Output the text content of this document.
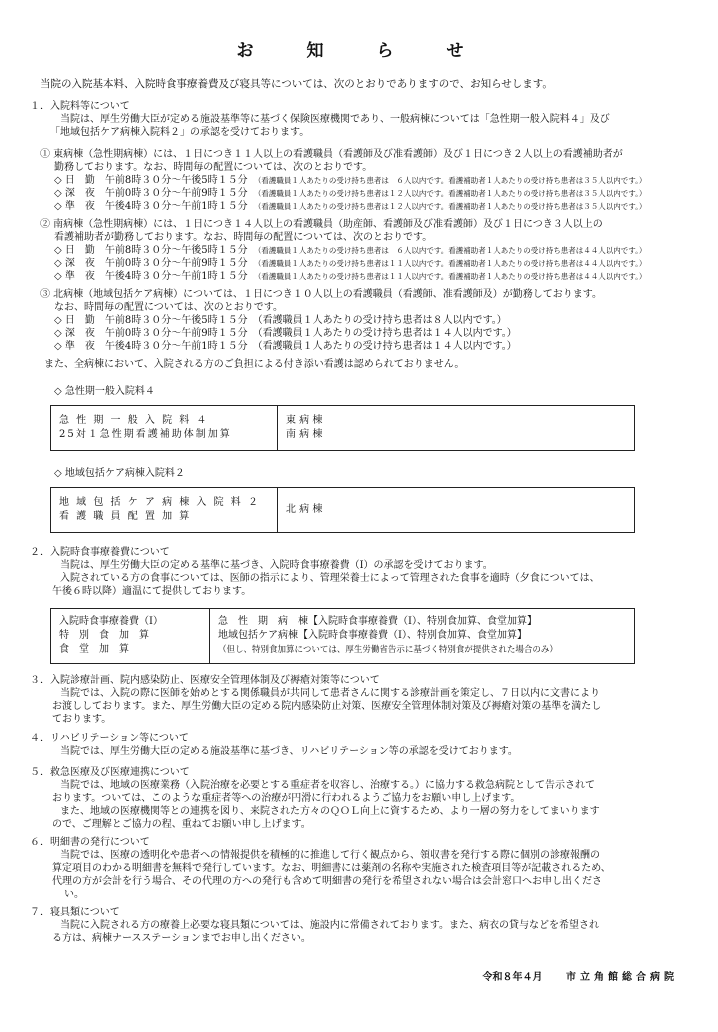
お　知　ら　せ
当院の入院基本料、入院時食事療養費及び寝具等については、次のとおりでありますので、お知らせします。

１．入院料等について

当院は、厚生労働大臣が定める施設基準等に基づく保険医療機関であり、一般病棟については「急性期一般入院料４」及び

「地域包括ケア病棟入院料２」の承認を受けております。

① 東病棟（急性期病棟）には、１日につき１１人以上の看護職員（看護師及び准看護師）及び１日につき２人以上の看護補助者が

勤務しております。なお、時間毎の配置については、次のとおりです。

◇ 日　勤　午前8時３０分～午後5時１５分　 （看護職員１人あたりの受け持ち患者は　６人以内です。看護補助者１人あたりの受け持ち患者は３５人以内です。）

◇ 深　夜　午前0時３０分～午前9時１５分　 （看護職員１人あたりの受け持ち患者は１２人以内です。看護補助者１人あたりの受け持ち患者は３５人以内です。）

◇ 準　夜　午後4時３０分～午前1時１５分　 （看護職員１人あたりの受け持ち患者は１２人以内です。看護補助者１人あたりの受け持ち患者は３５人以内です。）

② 南病棟（急性期病棟）には、１日につき１４人以上の看護職員（助産師、看護師及び准看護師）及び１日につき３人以上の

看護補助者が勤務しております。なお、時間毎の配置については、次のとおりです。

◇ 日　勤　午前8時３０分～午後5時１５分　 （看護職員１人あたりの受け持ち患者は　６人以内です。看護補助者１人あたりの受け持ち患者は４４人以内です。）

◇ 深　夜　午前0時３０分～午前9時１５分　 （看護職員１人あたりの受け持ち患者は１１人以内です。看護補助者１人あたりの受け持ち患者は４４人以内です。）

◇ 準　夜　午後4時３０分～午前1時１５分　 （看護職員１人あたりの受け持ち患者は１１人以内です。看護補助者１人あたりの受け持ち患者は４４人以内です。）

③ 北病棟（地域包括ケア病棟）については、１日につき１０人以上の看護職員（看護師、准看護師及）が勤務しております。

なお、時間毎の配置については、次のとおりです。

◇ 日　勤　午前8時３０分～午後5時１５分　 （看護職員１人あたりの受け持ち患者は８人以内です。）

◇ 深　夜　午前0時３０分～午前9時１５分　 （看護職員１人あたりの受け持ち患者は１４人以内です。）

◇ 準　夜　午後4時３０分～午前1時１５分　 （看護職員１人あたりの受け持ち患者は１４人以内です。）

また、全病棟において、入院される方のご負担による付き添い看護は認められておりません。

◇ 急性期一般入院料４
急 性 期 一 般 入 院 料 ４
25対１急性期看護補助体制加算

東 病 棟
南 病 棟
◇ 地域包括ケア病棟入院料２
地 域 包 括 ケ ア 病 棟 入 院 料 ２
看 護 職 員 配 置 加 算

北 病 棟

２．入院時食事療養費について

当院は、厚生労働大臣の定める基準に基づき、入院時食事療養費（Ⅰ）の承認を受けております。

入院されている方の食事については、医師の指示により、管理栄養士によって管理された食事を適時（夕食については、

午後６時以降）適温にて提供しております。

入院時食事療養費（Ⅰ）
特　別　食　加　算
食　堂　加　算

急　性　期　病　棟【入院時食事療養費（Ⅰ）、特別食加算、食堂加算】
地域包括ケア病棟【入院時食事療養費（Ⅰ）、特別食加算、食堂加算】
（但し、特別食加算については、厚生労働省告示に基づく特別食が提供された場合のみ）

３．入院診療計画、院内感染防止、医療安全管理体制及び褥瘡対策等について

当院では、入院の際に医師を始めとする関係職員が共同して患者さんに関する診療計画を策定し、７日以内に文書により

お渡ししております。また、厚生労働大臣の定める院内感染防止対策、医療安全管理体制対策及び褥瘡対策の基準を満たし

ております。

４．リハビリテーション等について

当院では、厚生労働大臣の定める施設基準に基づき、リハビリテーション等の承認を受けております。

５．救急医療及び医療連携について

当院では、地域の医療業務（入院治療を必要とする重症者を収容し、治療する。）に協力する救急病院として告示されて

おります。ついては、このような重症者等への治療が円滑に行われるようご協力をお願い申し上げます。

また、地域の医療機関等との連携を図り、来院された方々のＱＯＬ向上に資するため、より一層の努力をしてまいります

ので、ご理解とご協力の程、重ねてお願い申し上げます。

６．明細書の発行について

当院では、医療の透明化や患者への情報提供を積極的に推進して行く観点から、領収書を発行する際に個別の診療報酬の

算定項目のわかる明細書を無料で発行しています。なお、明細書には薬剤の名称や実施された検査項目等が記載されるため、

代理の方が会計を行う場合、その代理の方への発行も含めて明細書の発行を希望されない場合は会計窓口へお申し出くださ

い。

７．寝具類について

当院に入院される方の療養上必要な寝具類については、施設内に常備されております。また、病衣の貸与などを希望され

る方は、病棟ナースステーションまでお申し出ください。

令和８年４月 市立角館総合病院
